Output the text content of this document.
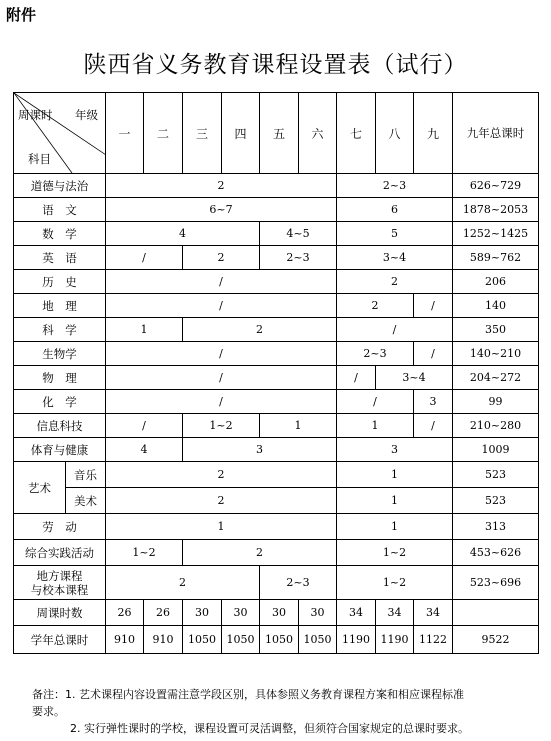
附件
陕西省义务教育课程设置表（试行）
年级
周课时
科目		一	二	三	四	五	六	七	八	九	九年总课时
道德与法治		2						2~3			626~729
语　文		6~7						6			1878~2053
数　学		4				4~5		5			1252~1425
英　语		/		2		2~3		3~4			589~762
历　史		/						2			206
地　理		/						2		/	140
科　学		1		2				/			350
生物学		/						2~3		/	140~210
物　理		/						/	3~4		204~272
化　学		/						/		3	99
信息科技		/		1~2		1		1		/	210~280
体育与健康		4		3				3			1009
艺术	音乐	2						1			523
	美术	2						1			523
劳　动		1						1			313
综合实践活动		1~2		2				1~2			453~626

地方课程
与校本课程		2				2~3		1~2			523~696
周课时数		26	26	30	30	30	30	34	34	34	
学年总课时		910	910	1050	1050	1050	1050	1190	1190	1122	9522
备注：1. 艺术课程内容设置需注意学段区别，具体参照义务教育课程方案和相应课程标准
要求。
2. 实行弹性课时的学校，课程设置可灵活调整，但须符合国家规定的总课时要求。
